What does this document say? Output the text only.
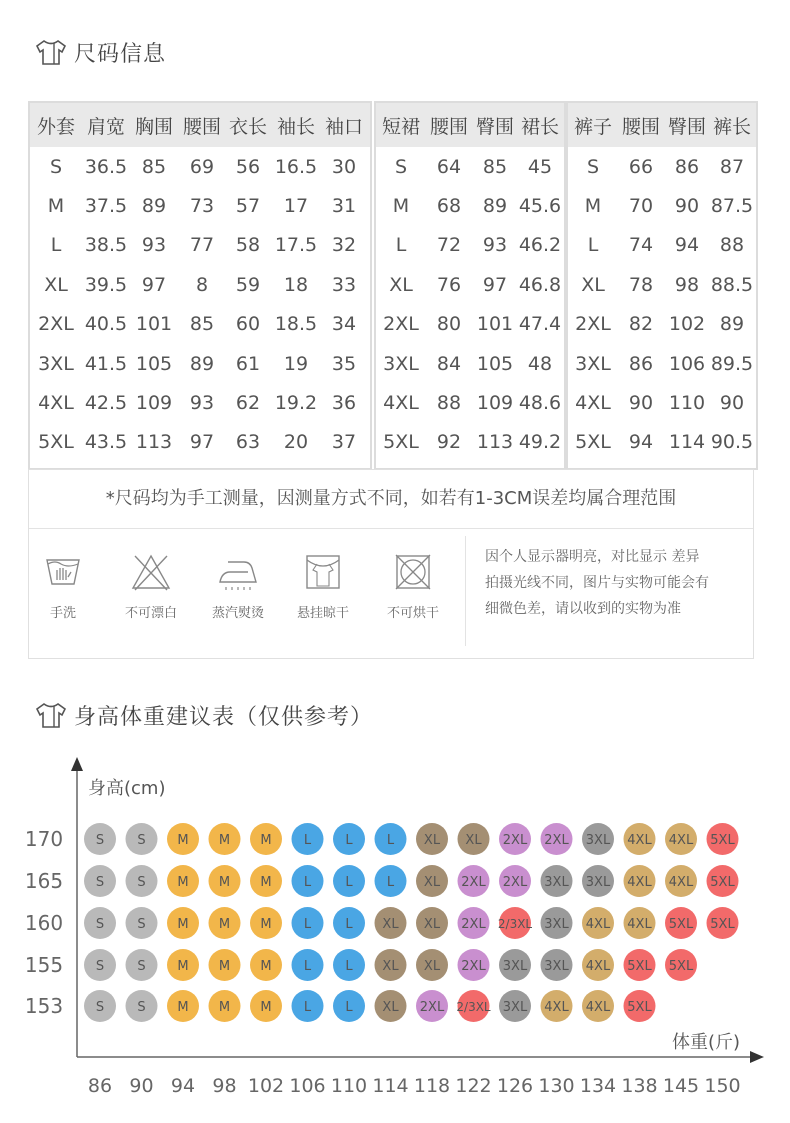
尺码信息
外套 肩宽 胸围 腰围 衣长 袖长 袖口
S	36.5 85	69	56 16.5 30
M	37.5 89	73	57	17	31
L	38.5 93	77	58 17.5 32
XL 39.5 97	8	59	18	33
2XL 40.5 101 85	60 18.5 34
3XL 41.5 105 89	61	19	35
4XL 42.5 109 93	62 19.2 36
5XL 43.5 113 97	63	20	37
短裙 腰围 臀围 裙长
S	64	85	45
M	68	89 45.6
L	72	93 46.2
XL	76	97 46.8
2XL 80 101 47.4
3XL 84 105 48
4XL 88 109 48.6
5XL 92 113 49.2
裤子 腰围 臀围 裤长
S	66	86	87
M	70	90 87.5
L	74	94	88
XL	78	98 88.5
2XL 82 102 89
3XL 86 106 89.5
4XL 90 110 90
5XL 94 114 90.5
*尺码均为手工测量，因测量方式不同，如若有1-3CM误差均属合理范围
手洗	不可漂白	蒸汽熨烫	悬挂晾干	不可烘干
因个人显示器明亮，对比显示 差异
拍摄光线不同，图片与实物可能会有
细微色差，请以收到的实物为准
身高体重建议表（仅供参考）
身高(cm)
体重(斤)
170
165
160
155
153
86 90 94 98 102 106 110 114 118 122 126 130 134 138 145 150
S	S M M M L	L	L XL XL 2XL 2XL 3XL 4XL 4XL 5XL
S	S M M M L	L	L XL 2XL 2XL 3XL 3XL 4XL 4XL 5XL
S	S M M M L	L XL XL 2XL 2/3XL 3XL 4XL 4XL 5XL 5XL
S	S M M M L	L XL XL 2XL 3XL 3XL 4XL 5XL 5XL
S	S M M M L	L XL 2XL 2/3XL 3XL 4XL 4XL 5XL
